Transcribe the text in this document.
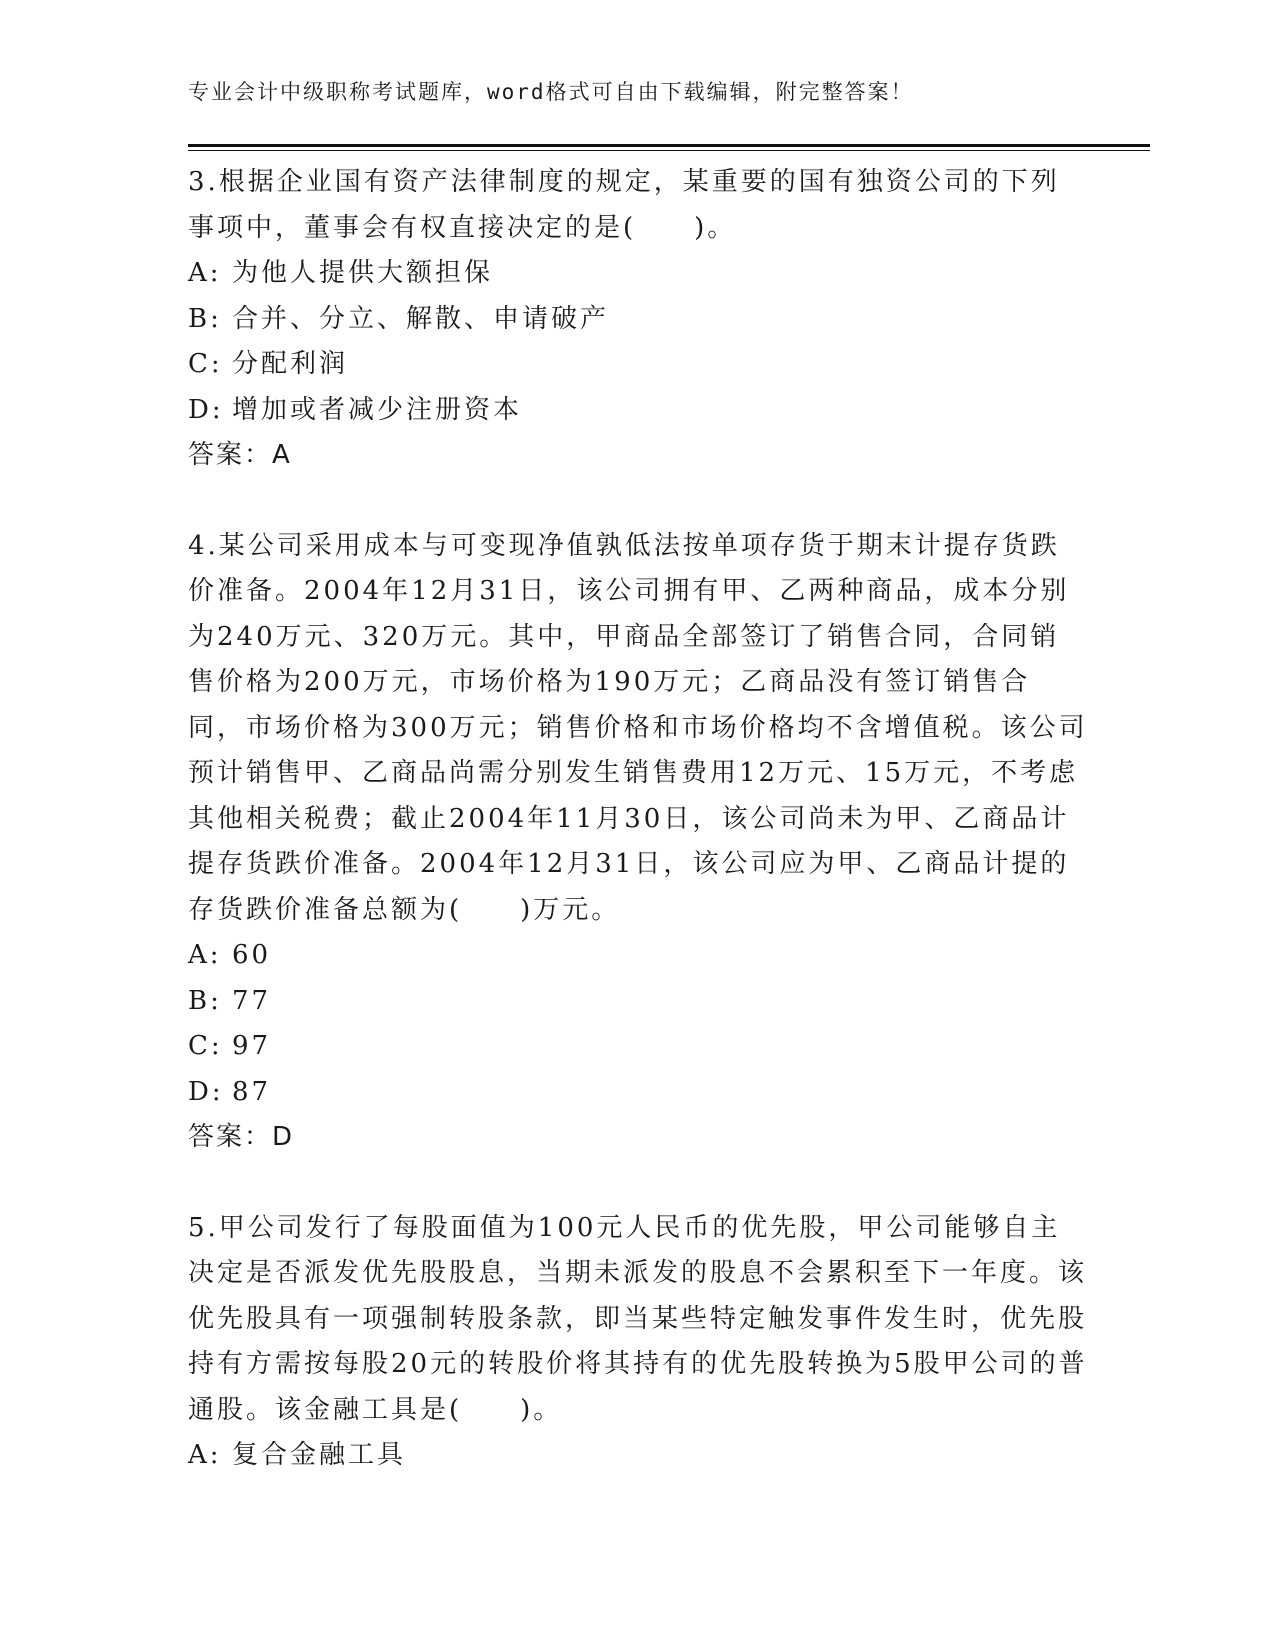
专业会计中级职称考试题库，word格式可自由下载编辑，附完整答案！

3.根据企业国有资产法律制度的规定，某重要的国有独资公司的下列事项中，董事会有权直接决定的是(　　)。

A: 为他人提供大额担保

B: 合并、分立、解散、申请破产

C: 分配利润

D: 增加或者减少注册资本

答案：A

4.某公司采用成本与可变现净值孰低法按单项存货于期末计提存货跌价准备。2004年12月31日，该公司拥有甲、乙两种商品，成本分别为240万元、320万元。其中，甲商品全部签订了销售合同，合同销售价格为200万元，市场价格为190万元；乙商品没有签订销售合同，市场价格为300万元；销售价格和市场价格均不含增值税。该公司预计销售甲、乙商品尚需分别发生销售费用12万元、15万元，不考虑其他相关税费；截止2004年11月30日，该公司尚未为甲、乙商品计提存货跌价准备。2004年12月31日，该公司应为甲、乙商品计提的存货跌价准备总额为(　　)万元。

A: 60

B: 77

C: 97

D: 87

答案：D

5.甲公司发行了每股面值为100元人民币的优先股，甲公司能够自主决定是否派发优先股股息，当期未派发的股息不会累积至下一年度。该优先股具有一项强制转股条款，即当某些特定触发事件发生时，优先股持有方需按每股20元的转股价将其持有的优先股转换为5股甲公司的普通股。该金融工具是(　　)。

A: 复合金融工具
